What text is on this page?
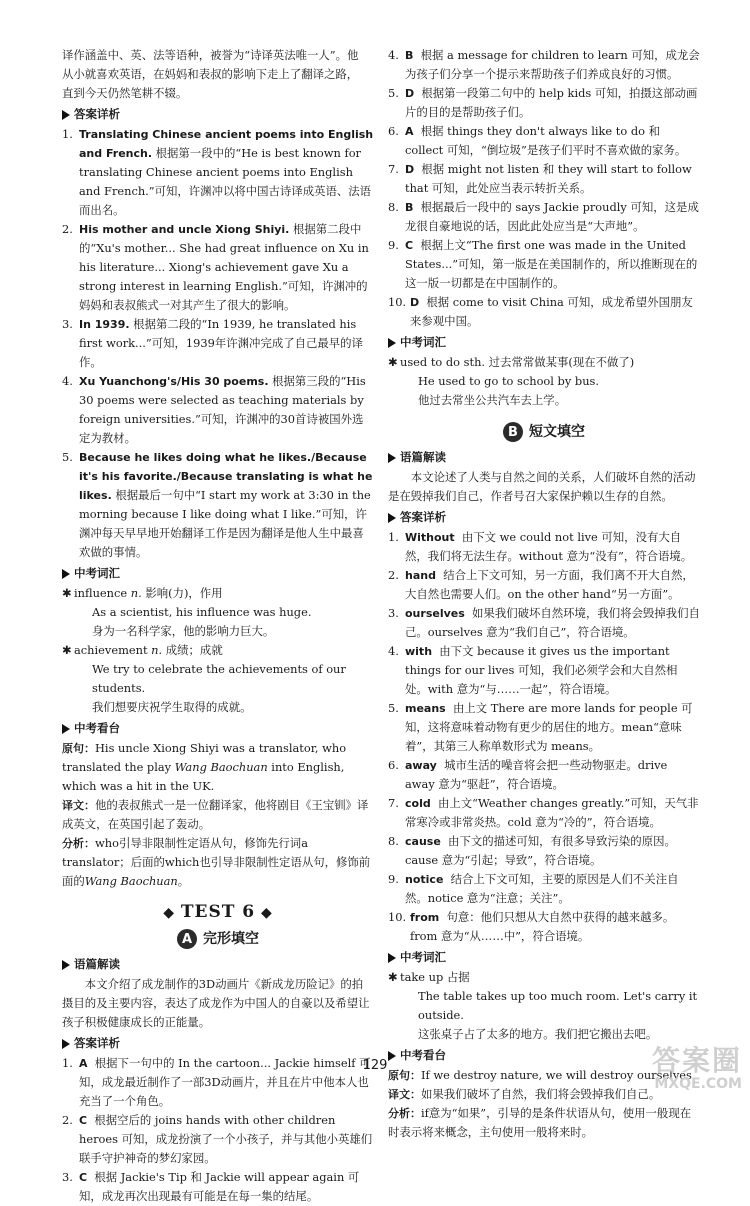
译作涵盖中、英、法等语种，被誉为“诗译英法唯一人”。他

从小就喜欢英语，在妈妈和表叔的影响下走上了翻译之路，

直到今天仍然笔耕不辍。

答案详析
1. Translating Chinese ancient poems into English and French. 根据第一段中的“He is best known for translating Chinese ancient poems into English and French.”可知，许渊冲以将中国古诗译成英语、法语而出名。
2. His mother and uncle Xiong Shiyi. 根据第二段中的“Xu's mother... She had great influence on Xu in his literature... Xiong's achievement gave Xu a strong interest in learning English.”可知，许渊冲的妈妈和表叔熊式一对其产生了很大的影响。
3. In 1939. 根据第二段的“In 1939, he translated his first work...”可知，1939年许渊冲完成了自己最早的译作。
4. Xu Yuanchong's/His 30 poems. 根据第三段的“His 30 poems were selected as teaching materials by foreign universities.”可知，许渊冲的30首诗被国外选定为教材。
5. Because he likes doing what he likes./Because it's his favorite./Because translating is what he likes. 根据最后一句中“I start my work at 3:30 in the morning because I like doing what I like.”可知，许渊冲每天早早地开始翻译工作是因为翻译是他人生中最喜欢做的事情。
中考词汇

✱ influence n. 影响(力)，作用

As a scientist, his influence was huge.

身为一名科学家，他的影响力巨大。

✱ achievement n. 成绩；成就

We try to celebrate the achievements of our students.

我们想要庆祝学生取得的成就。

中考看台

原句：His uncle Xiong Shiyi was a translator, who translated the play Wang Baochuan into English, which was a hit in the UK.

译文：他的表叔熊式一是一位翻译家，他将剧目《王宝钏》译成英文，在英国引起了轰动。

分析：who引导非限制性定语从句，修饰先行词a translator；后面的which也引导非限制性定语从句，修饰前面的Wang Baochuan。

◆ TEST 6 ◆
A 完形填空
语篇解读

本文介绍了成龙制作的3D动画片《新成龙历险记》的拍摄目的及主要内容，表达了成龙作为中国人的自豪以及希望让孩子积极健康成长的正能量。

答案详析
1. A 根据下一句中的 In the cartoon... Jackie himself 可知，成龙最近制作了一部3D动画片，并且在片中他本人也充当了一个角色。
2. C 根据空后的 joins hands with other children heroes 可知，成龙扮演了一个小孩子，并与其他小英雄们联手守护神奇的梦幻家园。
3. C 根据 Jackie's Tip 和 Jackie will appear again 可知，成龙再次出现最有可能是在每一集的结尾。
4. B 根据 a message for children to learn 可知，成龙会为孩子们分享一个提示来帮助孩子们养成良好的习惯。
5. D 根据第一段第二句中的 help kids 可知，拍摄这部动画片的目的是帮助孩子们。
6. A 根据 things they don't always like to do 和 collect 可知，“倒垃圾”是孩子们平时不喜欢做的家务。
7. D 根据 might not listen 和 they will start to follow that 可知，此处应当表示转折关系。
8. B 根据最后一段中的 says Jackie proudly 可知，这是成龙很自豪地说的话，因此此处应当是“大声地”。
9. C 根据上文“The first one was made in the United States...”可知，第一版是在美国制作的，所以推断现在的这一版一切都是在中国制作的。
10. D 根据 come to visit China 可知，成龙希望外国朋友来参观中国。
中考词汇

✱ used to do sth. 过去常常做某事(现在不做了)

He used to go to school by bus.

他过去常坐公共汽车去上学。

B 短文填空
语篇解读

本文论述了人类与自然之间的关系，人们破坏自然的活动是在毁掉我们自己，作者号召大家保护赖以生存的自然。

答案详析
1. Without 由下文 we could not live 可知，没有大自然，我们将无法生存。without 意为“没有”，符合语境。
2. hand 结合上下文可知，另一方面，我们离不开大自然，大自然也需要人们。on the other hand“另一方面”。
3. ourselves 如果我们破坏自然环境，我们将会毁掉我们自己。ourselves 意为“我们自己”，符合语境。
4. with 由下文 because it gives us the important things for our lives 可知，我们必须学会和大自然相处。with 意为“与……一起”，符合语境。
5. means 由上文 There are more lands for people 可知，这将意味着动物有更少的居住的地方。mean“意味着”，其第三人称单数形式为 means。
6. away 城市生活的噪音将会把一些动物驱走。drive away 意为“驱赶”，符合语境。
7. cold 由上文“Weather changes greatly.”可知，天气非常寒冷或非常炎热。cold 意为“冷的”，符合语境。
8. cause 由下文的描述可知，有很多导致污染的原因。cause 意为“引起；导致”，符合语境。
9. notice 结合上下文可知，主要的原因是人们不关注自然。notice 意为“注意；关注”。
10. from 句意：他们只想从大自然中获得的越来越多。from 意为“从……中”，符合语境。
中考词汇

✱ take up 占据

The table takes up too much room. Let's carry it outside.

这张桌子占了太多的地方。我们把它搬出去吧。

中考看台

原句：If we destroy nature, we will destroy ourselves.

译文：如果我们破坏了自然，我们将会毁掉我们自己。

分析：if意为“如果”，引导的是条件状语从句，使用一般现在时表示将来概念，主句使用一般将来时。

129	答案圈
MXQE.COM
